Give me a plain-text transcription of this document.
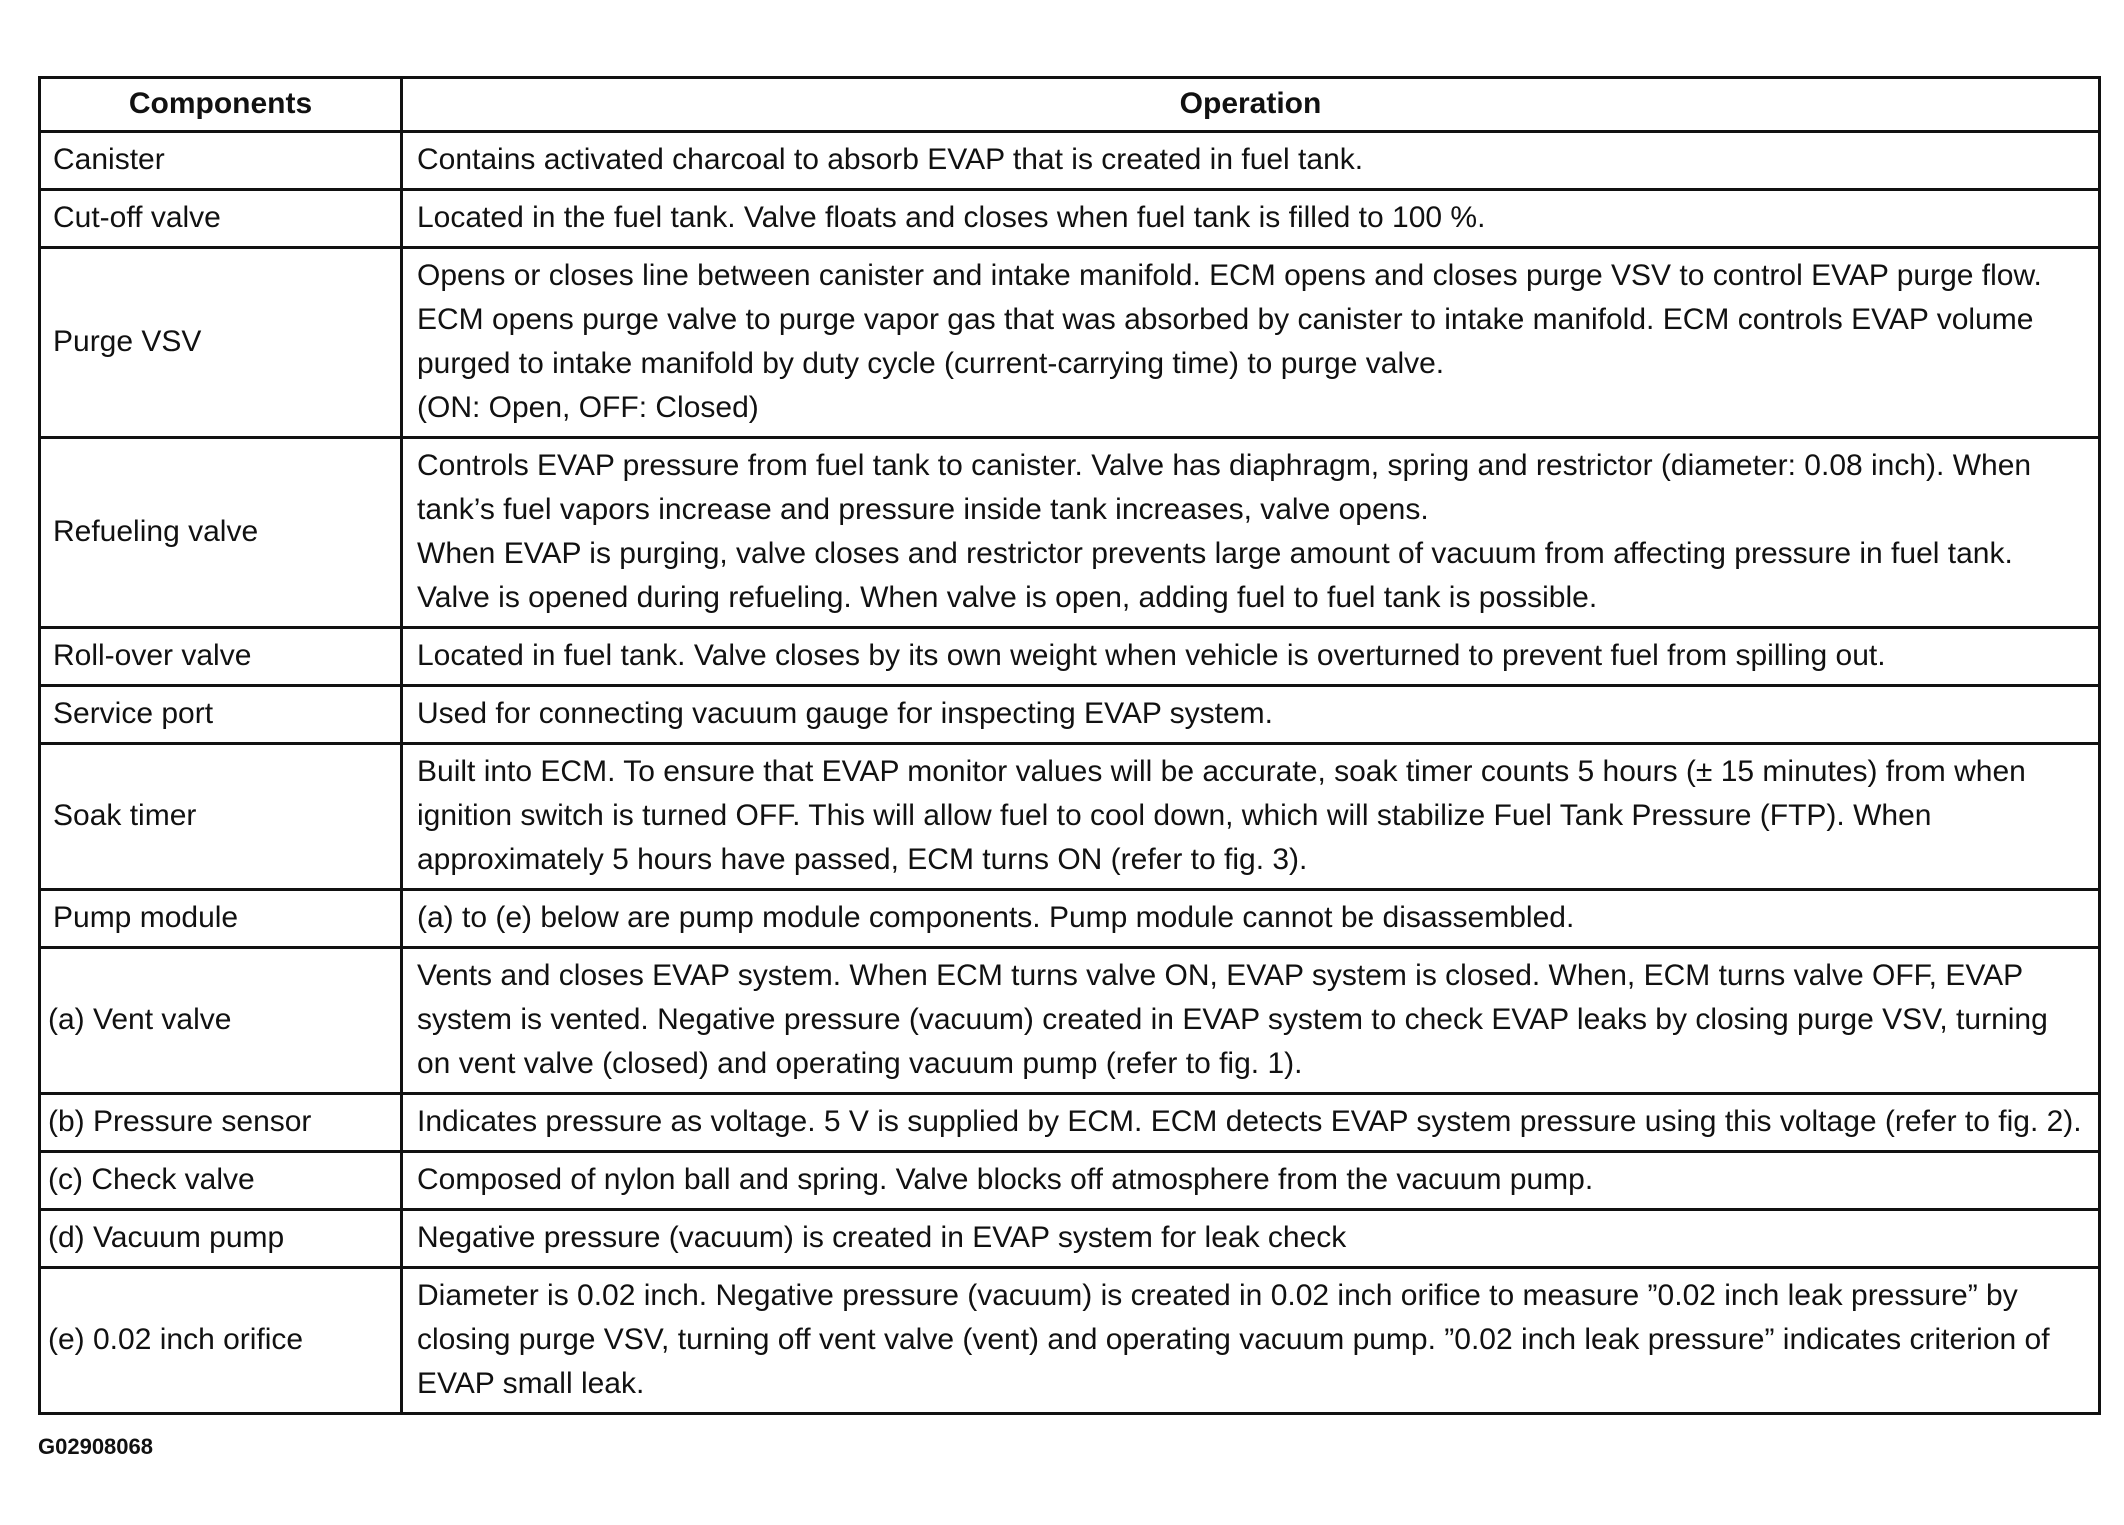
Components	Operation
Canister	Contains activated charcoal to absorb EVAP that is created in fuel tank.
Cut-off valve	Located in the fuel tank. Valve floats and closes when fuel tank is filled to 100 %.
Purge VSV	Opens or closes line between canister and intake manifold. ECM opens and closes purge VSV to control EVAP purge flow. ECM opens purge valve to purge vapor gas that was absorbed by canister to intake manifold. ECM controls EVAP volume purged to intake manifold by duty cycle (current-carrying time) to purge valve.
(ON: Open, OFF: Closed)
Refueling valve	Controls EVAP pressure from fuel tank to canister. Valve has diaphragm, spring and restrictor (diameter: 0.08 inch). When tank’s fuel vapors increase and pressure inside tank increases, valve opens.
When EVAP is purging, valve closes and restrictor prevents large amount of vacuum from affecting pressure in fuel tank. Valve is opened during refueling. When valve is open, adding fuel to fuel tank is possible.
Roll-over valve	Located in fuel tank. Valve closes by its own weight when vehicle is overturned to prevent fuel from spilling out.
Service port	Used for connecting vacuum gauge for inspecting EVAP system.
Soak timer	Built into ECM. To ensure that EVAP monitor values will be accurate, soak timer counts 5 hours (± 15 minutes) from when ignition switch is turned OFF. This will allow fuel to cool down, which will stabilize Fuel Tank Pressure (FTP). When approximately 5 hours have passed, ECM turns ON (refer to fig. 3).
Pump module	(a) to (e) below are pump module components. Pump module cannot be disassembled.
(a) Vent valve	Vents and closes EVAP system. When ECM turns valve ON, EVAP system is closed. When, ECM turns valve OFF, EVAP system is vented. Negative pressure (vacuum) created in EVAP system to check EVAP leaks by closing purge VSV, turning on vent valve (closed) and operating vacuum pump (refer to fig. 1).
(b) Pressure sensor	Indicates pressure as voltage. 5 V is supplied by ECM. ECM detects EVAP system pressure using this voltage (refer to fig. 2).
(c) Check valve	Composed of nylon ball and spring. Valve blocks off atmosphere from the vacuum pump.
(d) Vacuum pump	Negative pressure (vacuum) is created in EVAP system for leak check
(e) 0.02 inch orifice	Diameter is 0.02 inch. Negative pressure (vacuum) is created in 0.02 inch orifice to measure ”0.02 inch leak pressure” by closing purge VSV, turning off vent valve (vent) and operating vacuum pump. ”0.02 inch leak pressure” indicates criterion of EVAP small leak.
G02908068
